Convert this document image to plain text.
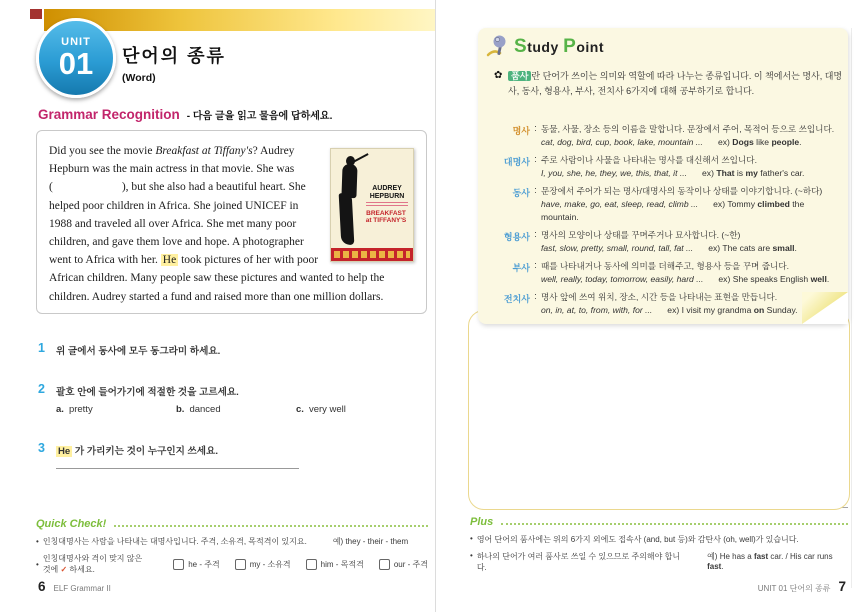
UNIT
01 단어의 종류
(Word)
Grammar Recognition - 다음 글을 읽고 물음에 답하세요.
AUDREY
HEPBURN
BREAKFAST
at TIFFANY'S
Did you see the movie Breakfast at Tiffany's? Audrey Hepburn was the main actress in that movie. She was (                        ), but she also had a beautiful heart. She helped poor children in Africa. She joined UNICEF in 1988 and traveled all over Africa. She met many poor children, and gave them love and hope. A photographer went to Africa with her. He took pictures of her with poor African children. Many people saw these pictures and wanted to help the children. Audrey started a fund and raised more than one million dollars.
1	위 글에서 동사에 모두 동그라미 하세요.
2	괄호 안에 들어가기에 적절한 것을 고르세요.
a. pretty	b. danced	c. very well
3	He 가 가리키는 것이 누구인지 쓰세요.
Quick Check!
• 인칭대명사는 사람을 나타내는 대명사입니다. 주격, 소유격, 목적격이 있지요.	예) they - their - them
• 인칭대명사와 격이 맞지 않은 것에 ✓ 하세요.
he - 주격	my - 소유격	him - 목적격	our - 주격
6 ELF Grammar II
Study Point
✿ 품사 란 단어가 쓰이는 의미와 역할에 따라 나누는 종류입니다. 이 책에서는 명사, 대명사, 동사, 형용사, 부사, 전치사 6가지에 대해 공부하기로 합니다.
명사 : 동물, 사물, 장소 등의 이름을 말합니다. 문장에서 주어, 목적어 등으로 쓰입니다.
cat, dog, bird, cup, book, lake, mountain ... ex) Dogs like people.
대명사 : 주로 사람이나 사물을 나타내는 명사를 대신해서 쓰입니다.
I, you, she, he, they, we, this, that, it ... ex) That is my father's car.
동사 : 문장에서 주어가 되는 명사/대명사의 동작이나 상태를 이야기합니다. (~하다)
have, make, go, eat, sleep, read, climb ... ex) Tommy climbed the mountain.
형용사 : 명사의 모양이나 상태를 꾸며주거나 묘사합니다. (~한)
fast, slow, pretty, small, round, tall, fat ... ex) The cats are small.
부사 : 때를 나타내거나 동사에 의미를 더해주고, 형용사 등을 꾸며 줍니다.
well, really, today, tomorrow, easily, hard ... ex) She speaks English well.
전치사 : 명사 앞에 쓰여 위치, 장소, 시간 등을 나타내는 표현을 만듭니다.
on, in, at, to, from, with, for ... ex) I visit my grandma on Sunday.
Plus
• 영어 단어의 품사에는 위의 6가지 외에도 접속사 (and, but 등)와 감탄사 (oh, well)가 있습니다.
• 하나의 단어가 여러 품사로 쓰일 수 있으므로 주의해야 합니다.
예) He has a fast car. / His car runs fast.
UNIT 01 단어의 종류 7
